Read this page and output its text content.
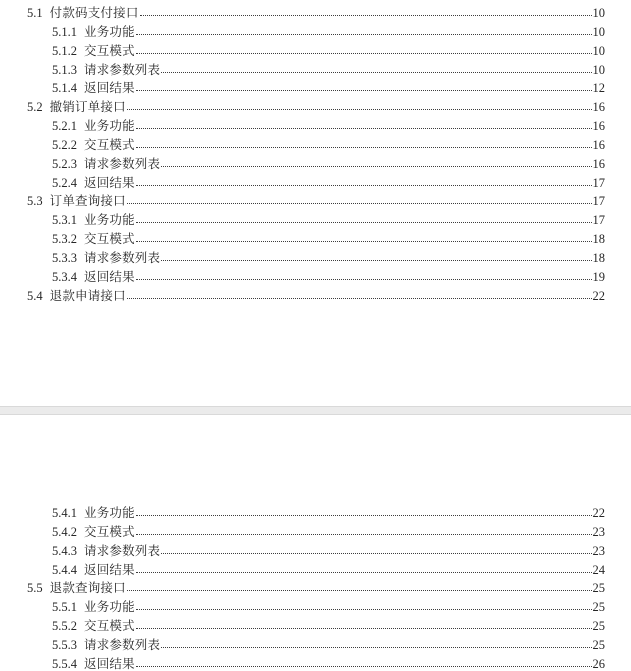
5.1 付款码支付接口	10
5.1.1 业务功能	10
5.1.2 交互模式	10
5.1.3 请求参数列表	10
5.1.4 返回结果	12
5.2 撤销订单接口	16
5.2.1 业务功能	16
5.2.2 交互模式	16
5.2.3 请求参数列表	16
5.2.4 返回结果	17
5.3 订单查询接口	17
5.3.1 业务功能	17
5.3.2 交互模式	18
5.3.3 请求参数列表	18
5.3.4 返回结果	19
5.4 退款申请接口	22
5.4.1 业务功能	22
5.4.2 交互模式	23
5.4.3 请求参数列表	23
5.4.4 返回结果	24
5.5 退款查询接口	25
5.5.1 业务功能	25
5.5.2 交互模式	25
5.5.3 请求参数列表	25
5.5.4 返回结果	26
